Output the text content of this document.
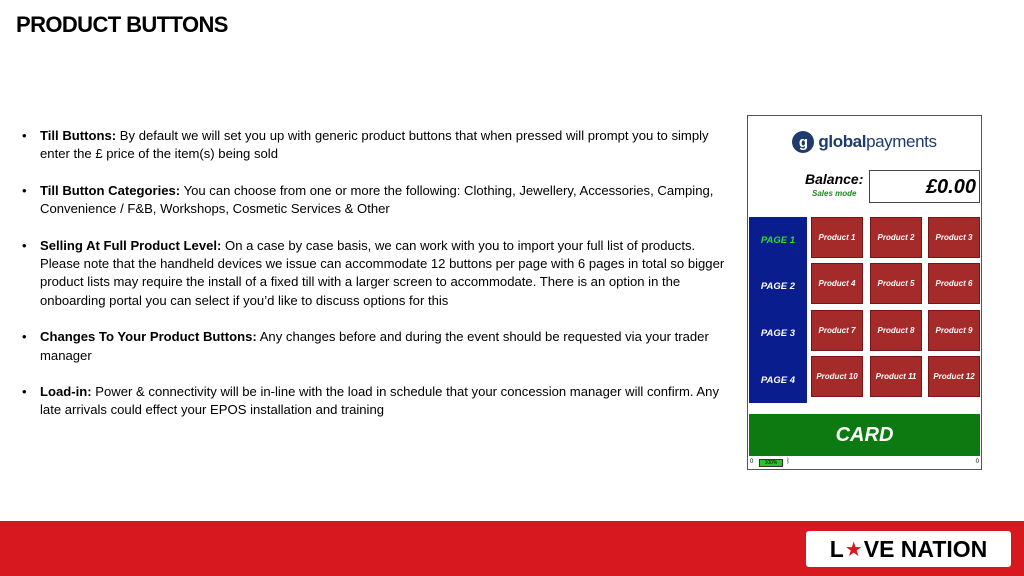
PRODUCT BUTTONS
• Till Buttons: By default we will set you up with generic product buttons that when pressed will prompt you to simply enter the £ price of the item(s) being sold
• Till Button Categories: You can choose from one or more the following: Clothing, Jewellery, Accessories, Camping, Convenience / F&B, Workshops, Cosmetic Services & Other
• Selling At Full Product Level: On a case by case basis, we can work with you to import your full list of products. Please note that the handheld devices we issue can accommodate 12 buttons per page with 6 pages in total so bigger product lists may require the install of a fixed till with a larger screen to accommodate. There is an option in the onboarding portal you can select if you’d like to discuss options for this
• Changes To Your Product Buttons: Any changes before and during the event should be requested via your trader manager
• Load-in: Power & connectivity will be in-line with the load in schedule that your concession manager will confirm. Any late arrivals could effect your EPOS installation and training
g globalpayments
Balance:
Sales mode	£0.00
PAGE 1
PAGE 2
PAGE 3
PAGE 4
Product 1	Product 2	Product 3
Product 4	Product 5	Product 6
Product 7	Product 8	Product 9
Product 10	Product 11	Product 12
CARD
0	100%	ᛒ	0
L ★ VE NATION
